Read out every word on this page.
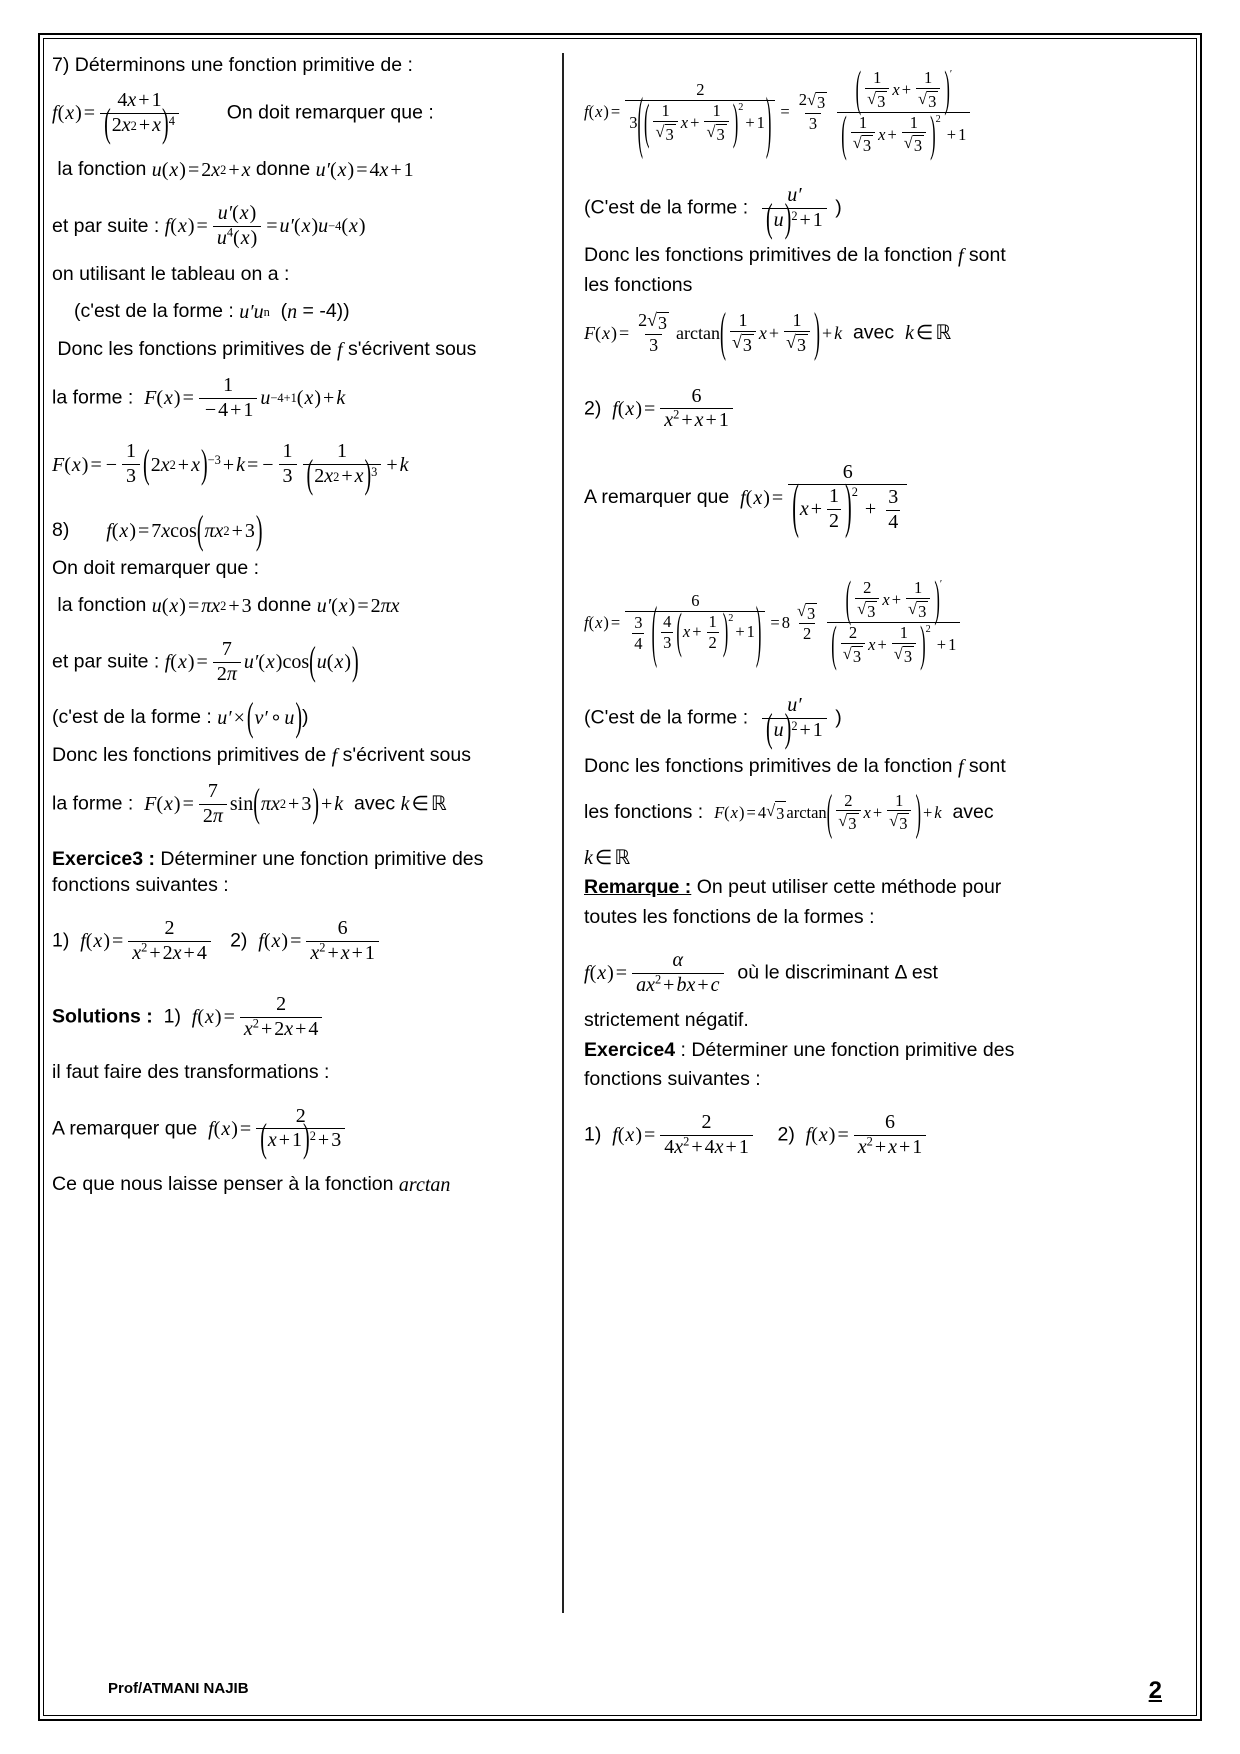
7) Déterminons une fonction primitive de :
f ( x ) = $\frac{4x + 1}{( 2 x 2 + x )^4}$ On doit remarquer que :
la fonction u ( x ) = 2 x 2 + x donne u ′ ( x ) = 4 x + 1
et par suite : f ( x ) = $\frac{u' ( x )}{u^4 ( x )} = u$ ′ ( x ) u −4 ( x )
on utilisant le tableau on a :
(c'est de la forme : u ′ u n ( n = -4))
Donc les fonctions primitives de f s'écrivent sous
la forme : F ( x ) = $\frac{1}{- 4 + 1}$ u −4+1 ( x ) + k
F ( x ) = − $\frac{1}{3}$ ( 2 x 2 + x )$^{-3}$ + k = − $\frac{1}{3} \frac{1}{( 2 x 2 + x )^3} + k$
8) f ( x ) = 7 x cos ( π x 2 + 3 )
On doit remarquer que :
la fonction u ( x ) = π x 2 + 3 donne u ′ ( x ) = 2 π x
et par suite : f ( x ) = $\frac{7}{2\pi}$ u ′ ( x ) cos ( u ( x ) )
(c'est de la forme : u ′ × ( v ′ ∘ u ) )
Donc les fonctions primitives de f s'écrivent sous
la forme : F ( x ) = $\frac{7}{2\pi}$ sin ( π x 2 + 3 ) + k avec k ∈ ℝ
Exercice3 : Déterminer une fonction primitive des fonctions suivantes :
1) f ( x ) = $\frac{2}{x^2 + 2x + 4} 2$) f ( x ) = $\frac{6}{x^2 + x + 1}$
Solutions : 1) f ( x ) = $\frac{2}{x^2 + 2x + 4}$
il faut faire des transformations :
A remarquer que f ( x ) = $\frac{2}{( x + 1 )^2 + 3}$
Ce que nous laisse penser à la fonction arctan
f ( x ) =
2
3 ( ( $\frac{1}{√ 3}$ $x + \frac{1}{√ 3} )^2$
+ 1 ) = $\frac{2 √ 3}{3}$ ( $\frac{1}{√ 3}$ $x + \frac{1}{√ 3} )'$
( $\frac{1}{√ 3}$ $x + \frac{1}{√ 3} )^2$
+ 1
(C'est de la forme : $\frac{u'}{( u )^2 + 1}$ )
Donc les fonctions primitives de la fonction f sont
les fonctions
F ( x ) = $\frac{2 √ 3}{3}$ arctan ( $\frac{1}{√ 3}$ $x + \frac{1}{√ 3}$ ) + k avec k ∈ ℝ
2) f ( x ) = $\frac{6}{x^2 + x + 1}$
A remarquer que f ( x ) = 6
( $x + \frac{1}{2} )^2$
+ $\frac{3}{4}$
f ( x ) =
6
$\frac{3}{4}$
( $\frac{4}{3}$ ( $x + \frac{1}{2} )^2$
+ 1 ) = $8 \frac{√ 3}{2}$ ( $\frac{2}{√ 3}$ $x + \frac{1}{√ 3} )'$
( $\frac{2}{√ 3}$ $x + \frac{1}{√ 3} )^2$
+ 1
(C'est de la forme : $\frac{u'}{( u )^2 + 1}$ )
Donc les fonctions primitives de la fonction f sont
les fonctions : F ( x ) = 4 √ 3 arctan ( $\frac{2}{√ 3}$ $x + \frac{1}{√ 3}$ ) + k avec
k ∈ ℝ
Remarque : On peut utiliser cette méthode pour
toutes les fonctions de la formes :
f ( x ) = $\frac{\alpha}{ax^2 + bx + c}$ où le discriminant Δ est
strictement négatif.
Exercice4 : Déterminer une fonction primitive des
fonctions suivantes :
1) f ( x ) = $\frac{2}{4x^2 + 4x + 1} 2$) f ( x ) = $\frac{6}{x^2 + x + 1}$
Prof/ATMANI NAJIB	2
